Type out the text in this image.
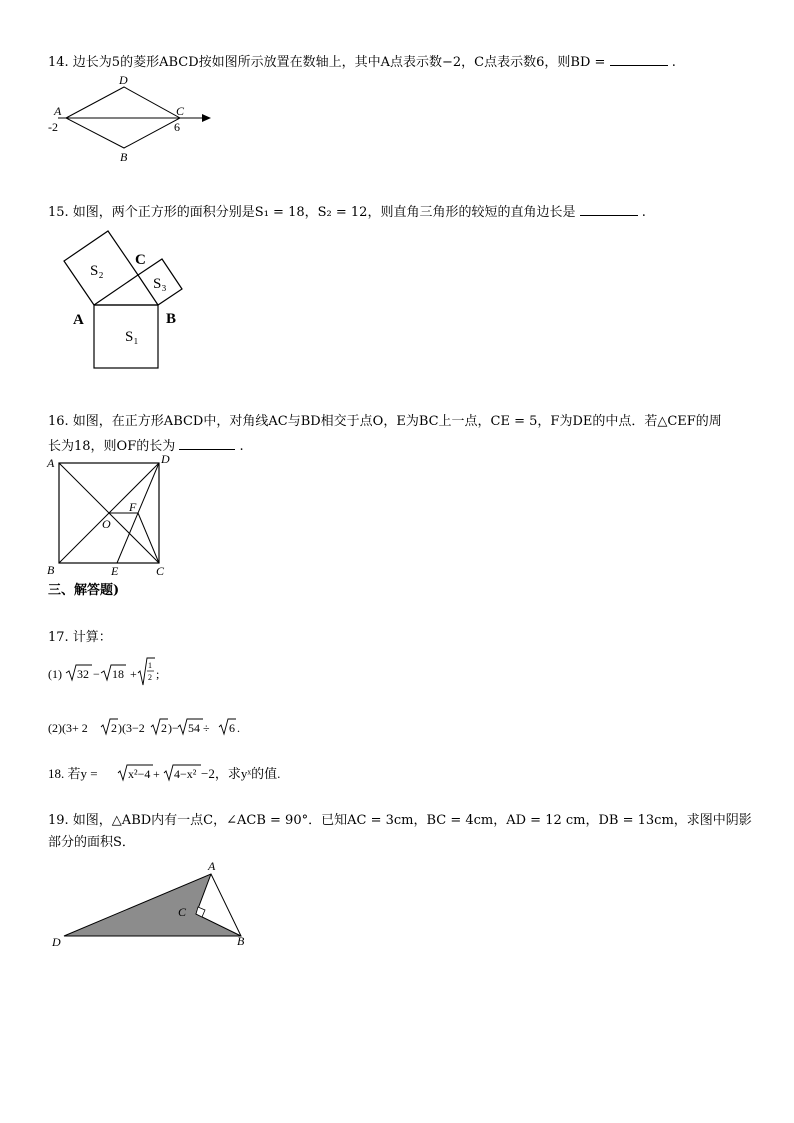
14. 边长为5的菱形ABCD按如图所示放置在数轴上，其中A点表示数−2，C点表示数6，则BD =	.
A
-2
D
C
6
B
15. 如图，两个正方形的面积分别是S₁ = 18，S₂ = 12，则直角三角形的较短的直角边长是	.
S₂
C
S₃
A	B
S₁
16. 如图，在正方形ABCD中，对角线AC与BD相交于点O，E为BC上一点，CE = 5，F为DE的中点．若△CEF的周
长为18，则OF的长为	.
A	D
F
O
B	E	C
三、解答题)
17. 计算：
(1) 32 − 18 +
1
2 ;
(2)(3+ 2 2 )(3−2 2 )− 54 ÷ 6 .
18. 若y =	x²−4 + 4−x² −2，求yˣ的值.
19. 如图，△ABD内有一点C，∠ACB = 90°．已知AC = 3cm，BC = 4cm，AD = 12 cm，DB = 13cm，求图中阴影
部分的面积S．
A
C
D	B
